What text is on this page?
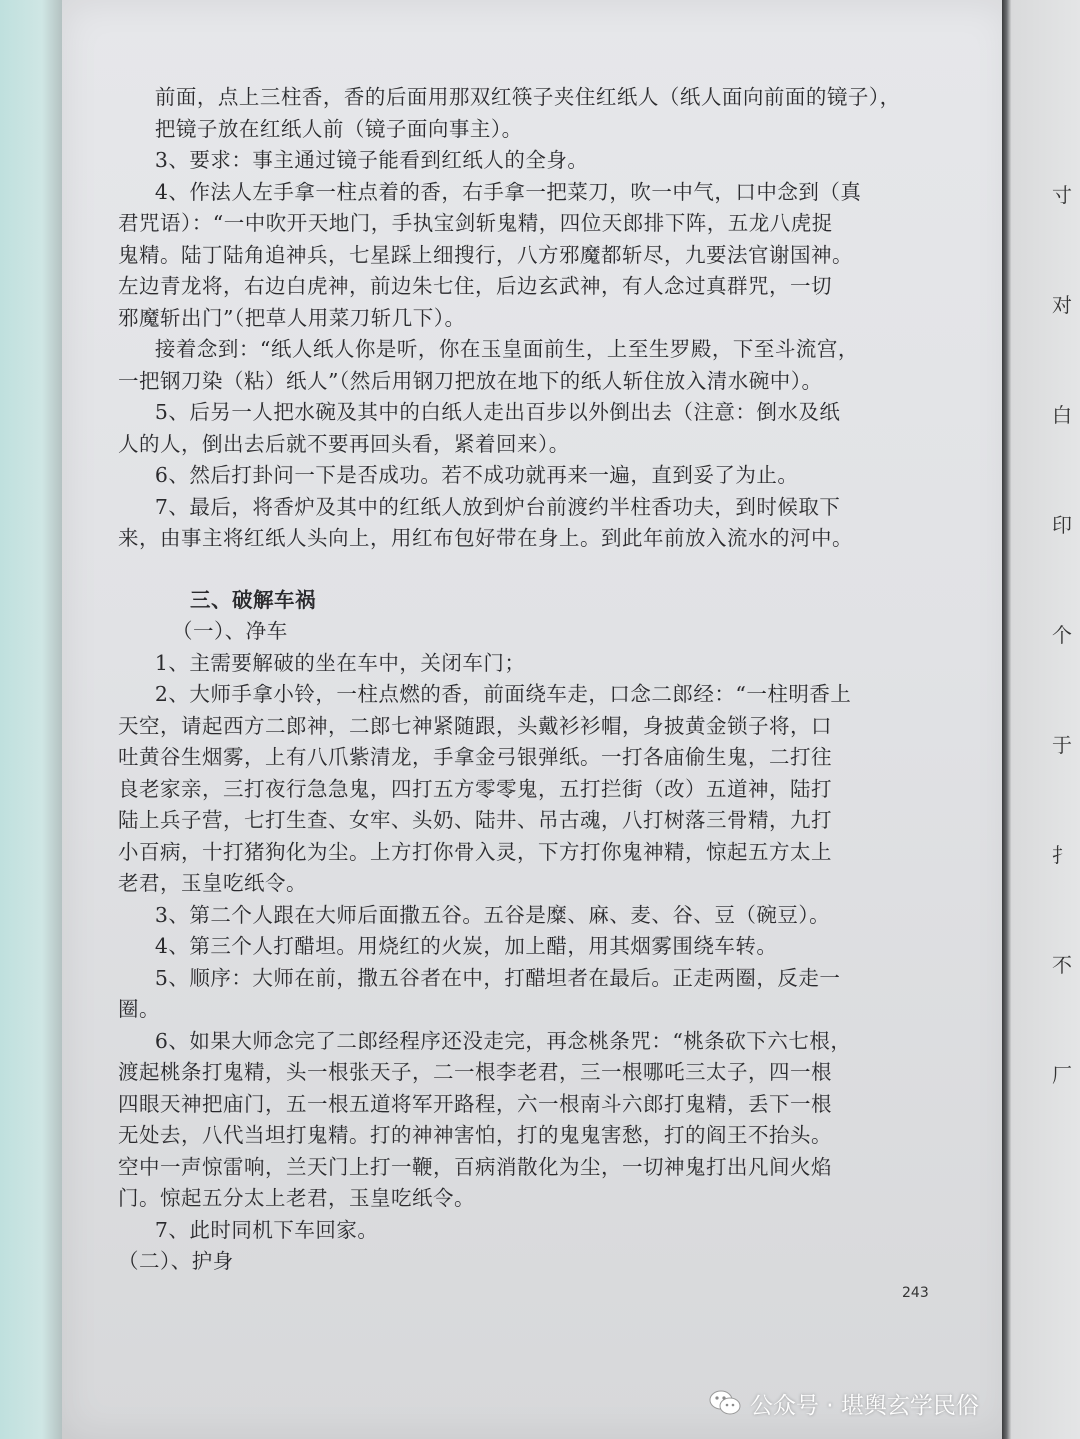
寸
对
白
印
个
于
扌
不
厂

前面，点上三柱香，香的后面用那双红筷子夹住红纸人（纸人面向前面的镜子），

把镜子放在红纸人前（镜子面向事主）。

3、要求：事主通过镜子能看到红纸人的全身。

4、作法人左手拿一柱点着的香，右手拿一把菜刀，吹一中气，口中念到（真

君咒语）：“一中吹开天地门，手执宝剑斩鬼精，四位天郎排下阵，五龙八虎捉

鬼精。陆丁陆角追神兵，七星踩上细搜行，八方邪魔都斩尽，九要法官谢国神。

左边青龙将，右边白虎神，前边朱七住，后边玄武神，有人念过真群咒，一切

邪魔斩出门”（把草人用菜刀斩几下）。

接着念到：“纸人纸人你是听，你在玉皇面前生，上至生罗殿，下至斗流宫，

一把钢刀染（粘）纸人”（然后用钢刀把放在地下的纸人斩住放入清水碗中）。

5、后另一人把水碗及其中的白纸人走出百步以外倒出去（注意：倒水及纸

人的人，倒出去后就不要再回头看，紧着回来）。

6、然后打卦问一下是否成功。若不成功就再来一遍，直到妥了为止。

7、最后，将香炉及其中的红纸人放到炉台前渡约半柱香功夫，到时候取下

来，由事主将红纸人头向上，用红布包好带在身上。到此年前放入流水的河中。

三、破解车祸

（一）、净车

1、主需要解破的坐在车中，关闭车门；

2、大师手拿小铃，一柱点燃的香，前面绕车走，口念二郎经：“一柱明香上

天空，请起西方二郎神，二郎七神紧随跟，头戴衫衫帽，身披黄金锁子将，口

吐黄谷生烟雾，上有八爪紫清龙，手拿金弓银弹纸。一打各庙偷生鬼，二打往

良老家亲，三打夜行急急鬼，四打五方零零鬼，五打拦街（改）五道神，陆打

陆上兵子营，七打生查、女牢、头奶、陆井、吊古魂，八打树落三骨精，九打

小百病，十打猪狗化为尘。上方打你骨入灵，下方打你鬼神精，惊起五方太上

老君，玉皇吃纸令。

3、第二个人跟在大师后面撒五谷。五谷是糜、麻、麦、谷、豆（碗豆）。

4、第三个人打醋坦。用烧红的火炭，加上醋，用其烟雾围绕车转。

5、顺序：大师在前，撒五谷者在中，打醋坦者在最后。正走两圈，反走一

圈。

6、如果大师念完了二郎经程序还没走完，再念桃条咒：“桃条砍下六七根，

渡起桃条打鬼精，头一根张天子，二一根李老君，三一根哪吒三太子，四一根

四眼天神把庙门，五一根五道将军开路程，六一根南斗六郎打鬼精，丢下一根

无处去，八代当坦打鬼精。打的神神害怕，打的鬼鬼害愁，打的阎王不抬头。

空中一声惊雷响，兰天门上打一鞭，百病消散化为尘，一切神鬼打出凡间火焰

门。惊起五分太上老君，玉皇吃纸令。

7、此时同机下车回家。

（二）、护身

243
公众号 · 堪舆玄学民俗
